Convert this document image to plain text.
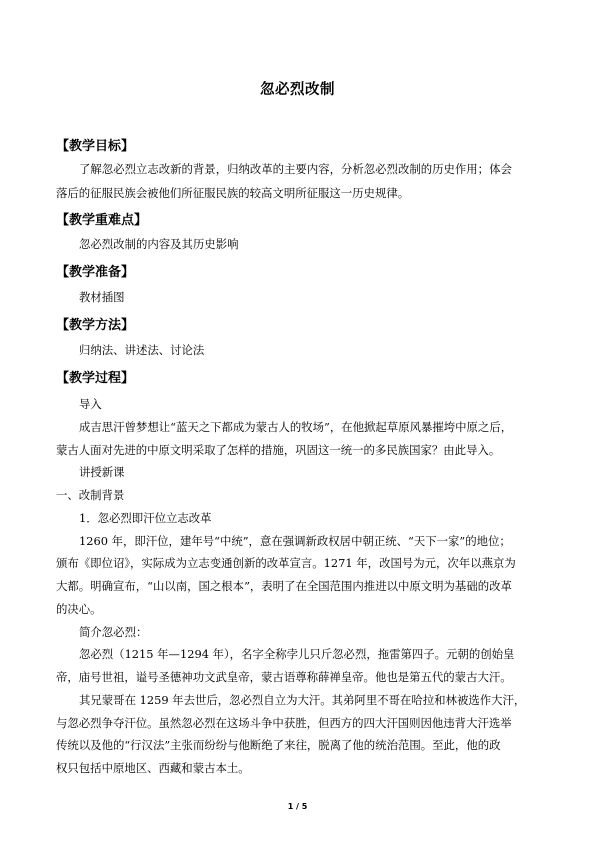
忽必烈改制
【教学目标】
了解忽必烈立志改新的背景，归纳改革的主要内容，分析忽必烈改制的历史作用；体会
落后的征服民族会被他们所征服民族的较高文明所征服这一历史规律。
【教学重难点】
忽必烈改制的内容及其历史影响
【教学准备】
教材插图
【教学方法】
归纳法、讲述法、讨论法
【教学过程】
导入
成吉思汗曾梦想让“蓝天之下都成为蒙古人的牧场”，在他掀起草原风暴摧垮中原之后，
蒙古人面对先进的中原文明采取了怎样的措施，巩固这一统一的多民族国家？由此导入。
讲授新课
一、改制背景
1．忽必烈即汗位立志改革
1260 年，即汗位，建年号“中统”，意在强调新政权居中朝正统、“天下一家”的地位；
颁布《即位诏》，实际成为立志变通创新的改革宣言。1271 年，改国号为元，次年以燕京为
大都。明确宣布，“山以南，国之根本”，表明了在全国范围内推进以中原文明为基础的改革
的决心。
简介忽必烈：
忽必烈（1215 年—1294 年），名字全称孛儿只斤忽必烈，拖雷第四子。元朝的创始皇
帝，庙号世祖，谥号圣德神功文武皇帝，蒙古语尊称薛禅皇帝。他也是第五代的蒙古大汗。
其兄蒙哥在 1259 年去世后，忽必烈自立为大汗。其弟阿里不哥在哈拉和林被选作大汗，
与忽必烈争夺汗位。虽然忽必烈在这场斗争中获胜，但西方的四大汗国则因他违背大汗选举
传统以及他的“行汉法”主张而纷纷与他断绝了来往，脱离了他的统治范围。至此，他的政
权只包括中原地区、西藏和蒙古本土。
1 / 5
